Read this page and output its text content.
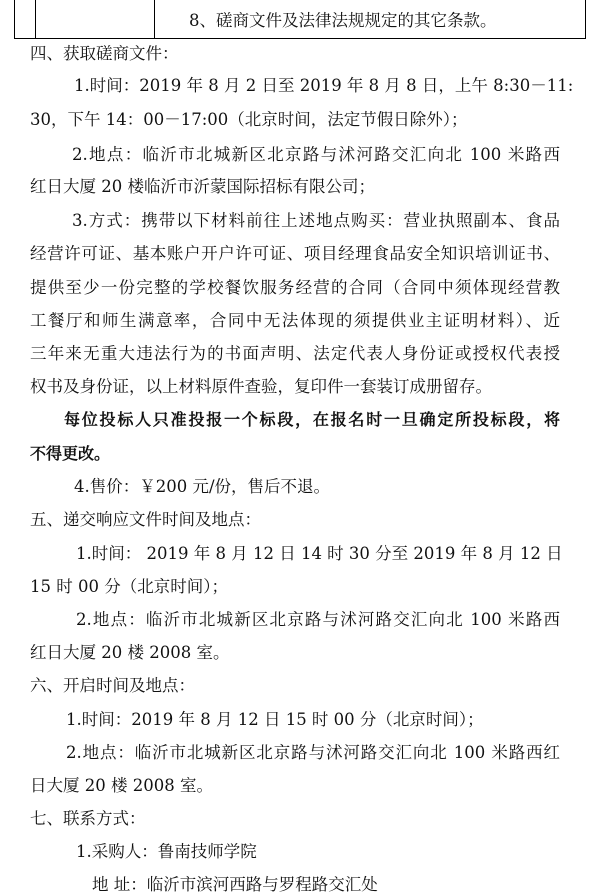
8、磋商文件及法律法规规定的其它条款。
四、获取磋商文件：
1.时间：2019 年 8 月 2 日至 2019 年 8 月 8 日，上午 8:30－11:
30，下午 14：00－17:00（北京时间，法定节假日除外）；
2.地点：临沂市北城新区北京路与沭河路交汇向北 100 米路西
红日大厦 20 楼临沂市沂蒙国际招标有限公司；
3.方式：携带以下材料前往上述地点购买：营业执照副本、食品
经营许可证、基本账户开户许可证、项目经理食品安全知识培训证书、
提供至少一份完整的学校餐饮服务经营的合同（合同中须体现经营教
工餐厅和师生满意率，合同中无法体现的须提供业主证明材料）、近
三年来无重大违法行为的书面声明、法定代表人身份证或授权代表授
权书及身份证，以上材料原件查验，复印件一套装订成册留存。
每位投标人只准投报一个标段，在报名时一旦确定所投标段，将
不得更改。
4.售价：￥200 元/份，售后不退。
五、递交响应文件时间及地点：
1.时间： 2019 年 8 月 12 日 14 时 30 分至 2019 年 8 月 12 日
15 时 00 分（北京时间）；
2.地点：临沂市北城新区北京路与沭河路交汇向北 100 米路西
红日大厦 20 楼 2008 室。
六、开启时间及地点：
1.时间：2019 年 8 月 12 日 15 时 00 分（北京时间）；
2.地点：临沂市北城新区北京路与沭河路交汇向北 100 米路西红
日大厦 20 楼 2008 室。
七、联系方式：
1.采购人：鲁南技师学院
地 址：临沂市滨河西路与罗程路交汇处
